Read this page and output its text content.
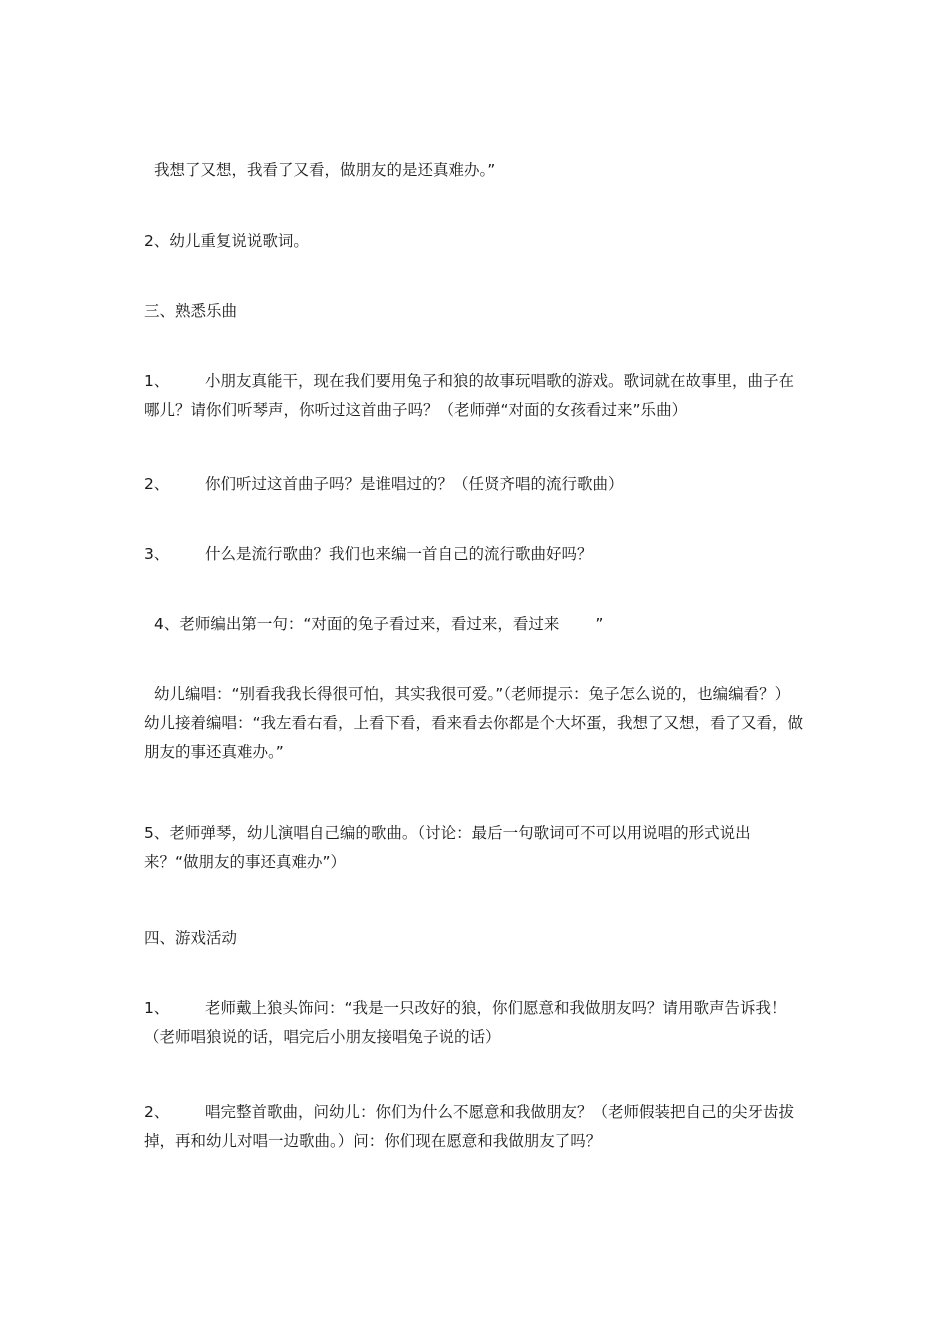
我想了又想，我看了又看，做朋友的是还真难办。”

2、幼儿重复说说歌词。

三、熟悉乐曲

1、 小朋友真能干，现在我们要用兔子和狼的故事玩唱歌的游戏。歌词就在故事里，曲子在哪儿？请你们听琴声，你听过这首曲子吗？（老师弹“对面的女孩看过来”乐曲）

2、 你们听过这首曲子吗？是谁唱过的？（任贤齐唱的流行歌曲）

3、 什么是流行歌曲？我们也来编一首自己的流行歌曲好吗？

4、老师编出第一句：“对面的兔子看过来，看过来，看过来 ”

幼儿编唱：“别看我我长得很可怕，其实我很可爱。”（老师提示：兔子怎么说的，也编编看？）幼儿接着编唱：“我左看右看，上看下看，看来看去你都是个大坏蛋，我想了又想，看了又看，做朋友的事还真难办。”

5、老师弹琴，幼儿演唱自己编的歌曲。（讨论：最后一句歌词可不可以用说唱的形式说出来？“做朋友的事还真难办”）

四、游戏活动

1、 老师戴上狼头饰问：“我是一只改好的狼，你们愿意和我做朋友吗？请用歌声告诉我！（老师唱狼说的话，唱完后小朋友接唱兔子说的话）

2、 唱完整首歌曲，问幼儿：你们为什么不愿意和我做朋友？（老师假装把自己的尖牙齿拔掉，再和幼儿对唱一边歌曲。）问：你们现在愿意和我做朋友了吗？
